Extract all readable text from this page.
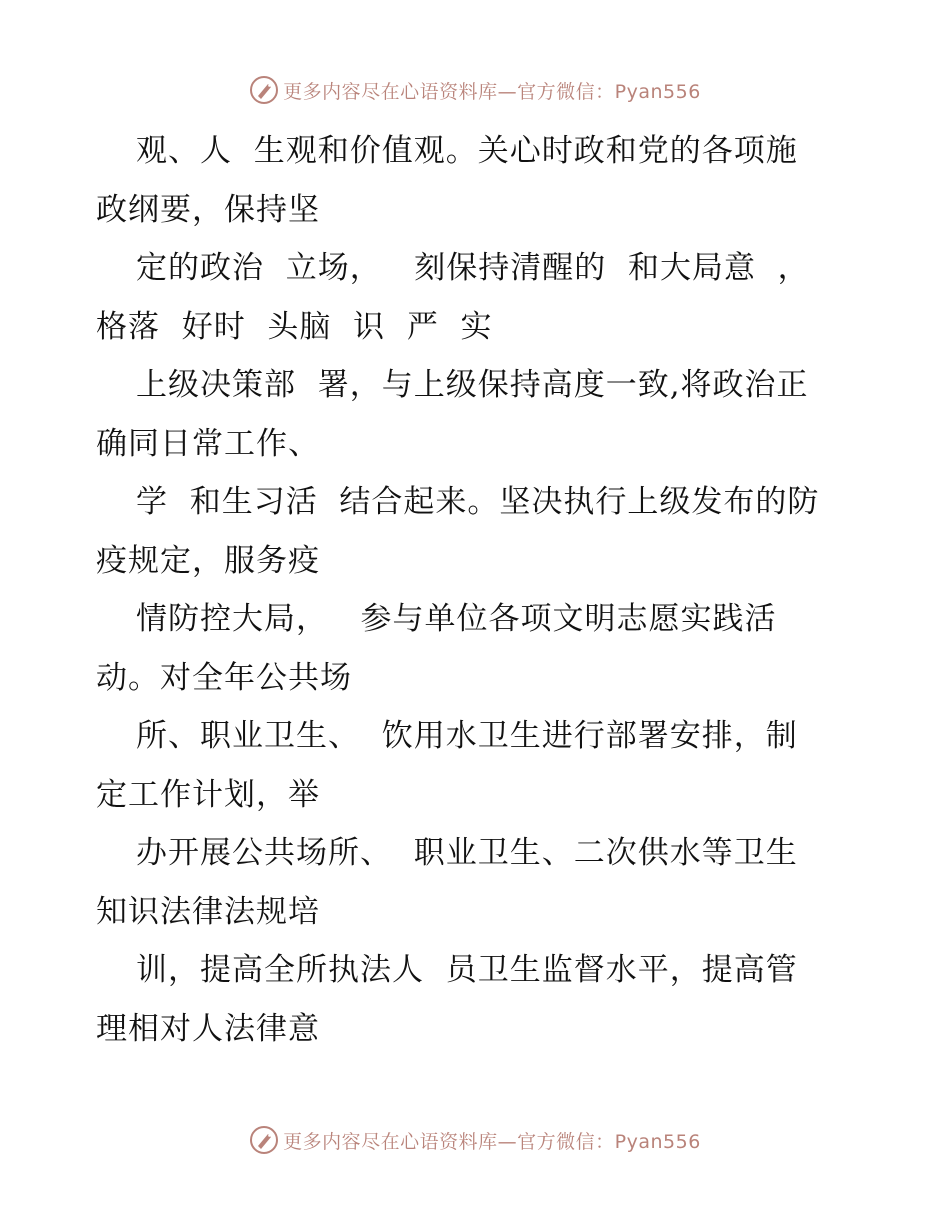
更多内容尽在心语资料库—官方微信：Pyan556
观、人  生观和价值观。关心时政和党的各项施
政纲要，保持坚
定的政治  立场，   刻保持清醒的  和大局意  ，
格落  好时  头脑  识  严  实
上级决策部  署，与上级保持高度一致,将政治正
确同日常工作、
学  和生习活  结合起来。坚决执行上级发布的防
疫规定，服务疫
情防控大局，   参与单位各项文明志愿实践活
动。对全年公共场
所、职业卫生、  饮用水卫生进行部署安排，制
定工作计划，举
办开展公共场所、  职业卫生、二次供水等卫生
知识法律法规培
训，提高全所执法人  员卫生监督水平，提高管
理相对人法律意
更多内容尽在心语资料库—官方微信：Pyan556
